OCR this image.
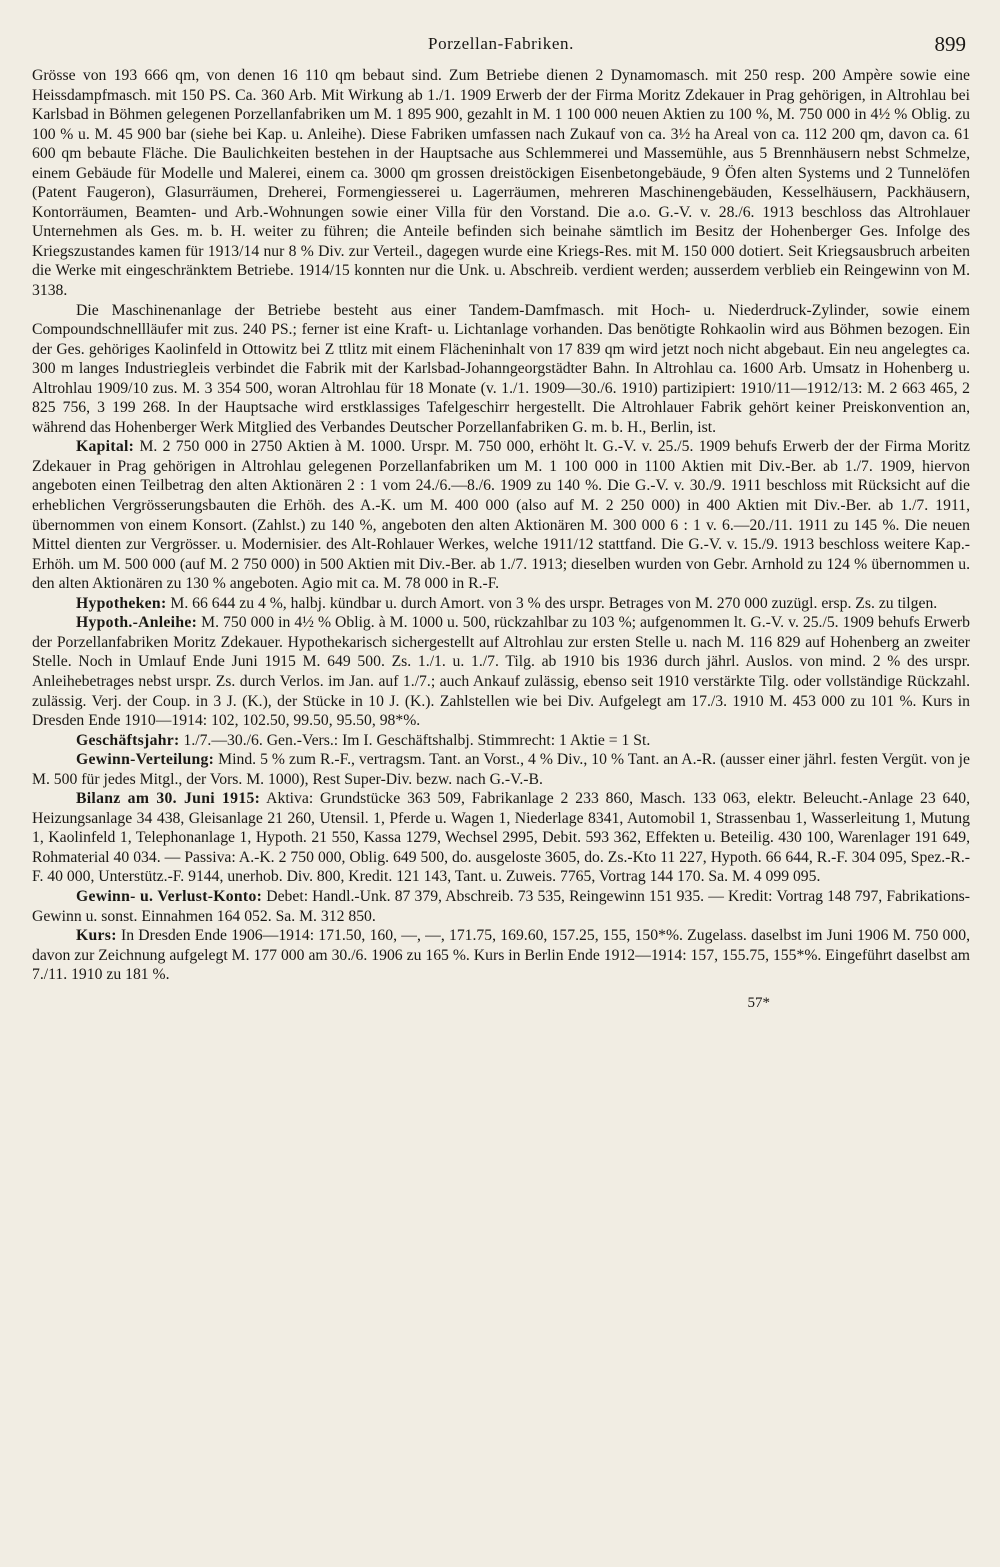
Porzellan-Fabriken.	899

Grösse von 193 666 qm, von denen 16 110 qm bebaut sind. Zum Betriebe dienen 2 Dynamomasch. mit 250 resp. 200 Ampère sowie eine Heissdampfmasch. mit 150 PS. Ca. 360 Arb. Mit Wirkung ab 1./1. 1909 Erwerb der der Firma Moritz Zdekauer in Prag gehörigen, in Altrohlau bei Karlsbad in Böhmen gelegenen Porzellanfabriken um M. 1 895 900, gezahlt in M. 1 100 000 neuen Aktien zu 100 %, M. 750 000 in 4½ % Oblig. zu 100 % u. M. 45 900 bar (siehe bei Kap. u. Anleihe). Diese Fabriken umfassen nach Zukauf von ca. 3½ ha Areal von ca. 112 200 qm, davon ca. 61 600 qm bebaute Fläche. Die Baulichkeiten bestehen in der Hauptsache aus Schlemmerei und Massemühle, aus 5 Brennhäusern nebst Schmelze, einem Gebäude für Modelle und Malerei, einem ca. 3000 qm grossen dreistöckigen Eisenbetongebäude, 9 Öfen alten Systems und 2 Tunnelöfen (Patent Faugeron), Glasurräumen, Dreherei, Formengiesserei u. Lagerräumen, mehreren Maschinengebäuden, Kesselhäusern, Packhäusern, Kontorräumen, Beamten- und Arb.-Wohnungen sowie einer Villa für den Vorstand. Die a.o. G.-V. v. 28./6. 1913 beschloss das Altrohlauer Unternehmen als Ges. m. b. H. weiter zu führen; die Anteile befinden sich beinahe sämtlich im Besitz der Hohenberger Ges. Infolge des Kriegszustandes kamen für 1913/14 nur 8 % Div. zur Verteil., dagegen wurde eine Kriegs-Res. mit M. 150 000 dotiert. Seit Kriegsausbruch arbeiten die Werke mit eingeschränktem Betriebe. 1914/15 konnten nur die Unk. u. Abschreib. verdient werden; ausserdem verblieb ein Reingewinn von M. 3138.

Die Maschinenanlage der Betriebe besteht aus einer Tandem-Damfmasch. mit Hoch- u. Niederdruck-Zylinder, sowie einem Compoundschnellläufer mit zus. 240 PS.; ferner ist eine Kraft- u. Lichtanlage vorhanden. Das benötigte Rohkaolin wird aus Böhmen bezogen. Ein der Ges. gehöriges Kaolinfeld in Ottowitz bei Z ttlitz mit einem Flächeninhalt von 17 839 qm wird jetzt noch nicht abgebaut. Ein neu angelegtes ca. 300 m langes Industriegleis verbindet die Fabrik mit der Karlsbad-Johanngeorgstädter Bahn. In Altrohlau ca. 1600 Arb. Umsatz in Hohenberg u. Altrohlau 1909/10 zus. M. 3 354 500, woran Altrohlau für 18 Monate (v. 1./1. 1909—30./6. 1910) partizipiert: 1910/11—1912/13: M. 2 663 465, 2 825 756, 3 199 268. In der Hauptsache wird erstklassiges Tafelgeschirr hergestellt. Die Altrohlauer Fabrik gehört keiner Preiskonvention an, während das Hohenberger Werk Mitglied des Verbandes Deutscher Porzellanfabriken G. m. b. H., Berlin, ist.

Kapital: M. 2 750 000 in 2750 Aktien à M. 1000. Urspr. M. 750 000, erhöht lt. G.-V. v. 25./5. 1909 behufs Erwerb der der Firma Moritz Zdekauer in Prag gehörigen in Altrohlau gelegenen Porzellanfabriken um M. 1 100 000 in 1100 Aktien mit Div.-Ber. ab 1./7. 1909, hiervon angeboten einen Teilbetrag den alten Aktionären 2 : 1 vom 24./6.—8./6. 1909 zu 140 %. Die G.-V. v. 30./9. 1911 beschloss mit Rücksicht auf die erheblichen Vergrösserungsbauten die Erhöh. des A.-K. um M. 400 000 (also auf M. 2 250 000) in 400 Aktien mit Div.-Ber. ab 1./7. 1911, übernommen von einem Konsort. (Zahlst.) zu 140 %, angeboten den alten Aktionären M. 300 000 6 : 1 v. 6.—20./11. 1911 zu 145 %. Die neuen Mittel dienten zur Vergrösser. u. Modernisier. des Alt-Rohlauer Werkes, welche 1911/12 stattfand. Die G.-V. v. 15./9. 1913 beschloss weitere Kap.-Erhöh. um M. 500 000 (auf M. 2 750 000) in 500 Aktien mit Div.-Ber. ab 1./7. 1913; dieselben wurden von Gebr. Arnhold zu 124 % übernommen u. den alten Aktionären zu 130 % angeboten. Agio mit ca. M. 78 000 in R.-F.

Hypotheken: M. 66 644 zu 4 %, halbj. kündbar u. durch Amort. von 3 % des urspr. Betrages von M. 270 000 zuzügl. ersp. Zs. zu tilgen.

Hypoth.-Anleihe: M. 750 000 in 4½ % Oblig. à M. 1000 u. 500, rückzahlbar zu 103 %; aufgenommen lt. G.-V. v. 25./5. 1909 behufs Erwerb der Porzellanfabriken Moritz Zdekauer. Hypothekarisch sichergestellt auf Altrohlau zur ersten Stelle u. nach M. 116 829 auf Hohenberg an zweiter Stelle. Noch in Umlauf Ende Juni 1915 M. 649 500. Zs. 1./1. u. 1./7. Tilg. ab 1910 bis 1936 durch jährl. Auslos. von mind. 2 % des urspr. Anleihebetrages nebst urspr. Zs. durch Verlos. im Jan. auf 1./7.; auch Ankauf zulässig, ebenso seit 1910 verstärkte Tilg. oder vollständige Rückzahl. zulässig. Verj. der Coup. in 3 J. (K.), der Stücke in 10 J. (K.). Zahlstellen wie bei Div. Aufgelegt am 17./3. 1910 M. 453 000 zu 101 %. Kurs in Dresden Ende 1910—1914: 102, 102.50, 99.50, 95.50, 98*%.

Geschäftsjahr: 1./7.—30./6. Gen.-Vers.: Im I. Geschäftshalbj. Stimmrecht: 1 Aktie = 1 St.

Gewinn-Verteilung: Mind. 5 % zum R.-F., vertragsm. Tant. an Vorst., 4 % Div., 10 % Tant. an A.-R. (ausser einer jährl. festen Vergüt. von je M. 500 für jedes Mitgl., der Vors. M. 1000), Rest Super-Div. bezw. nach G.-V.-B.

Bilanz am 30. Juni 1915: Aktiva: Grundstücke 363 509, Fabrikanlage 2 233 860, Masch. 133 063, elektr. Beleucht.-Anlage 23 640, Heizungsanlage 34 438, Gleisanlage 21 260, Utensil. 1, Pferde u. Wagen 1, Niederlage 8341, Automobil 1, Strassenbau 1, Wasserleitung 1, Mutung 1, Kaolinfeld 1, Telephonanlage 1, Hypoth. 21 550, Kassa 1279, Wechsel 2995, Debit. 593 362, Effekten u. Beteilig. 430 100, Warenlager 191 649, Rohmaterial 40 034. — Passiva: A.-K. 2 750 000, Oblig. 649 500, do. ausgeloste 3605, do. Zs.-Kto 11 227, Hypoth. 66 644, R.-F. 304 095, Spez.-R.-F. 40 000, Unterstütz.-F. 9144, unerhob. Div. 800, Kredit. 121 143, Tant. u. Zuweis. 7765, Vortrag 144 170. Sa. M. 4 099 095.

Gewinn- u. Verlust-Konto: Debet: Handl.-Unk. 87 379, Abschreib. 73 535, Reingewinn 151 935. — Kredit: Vortrag 148 797, Fabrikations-Gewinn u. sonst. Einnahmen 164 052. Sa. M. 312 850.

Kurs: In Dresden Ende 1906—1914: 171.50, 160, —, —, 171.75, 169.60, 157.25, 155, 150*%. Zugelass. daselbst im Juni 1906 M. 750 000, davon zur Zeichnung aufgelegt M. 177 000 am 30./6. 1906 zu 165 %. Kurs in Berlin Ende 1912—1914: 157, 155.75, 155*%. Eingeführt daselbst am 7./11. 1910 zu 181 %.

57*
